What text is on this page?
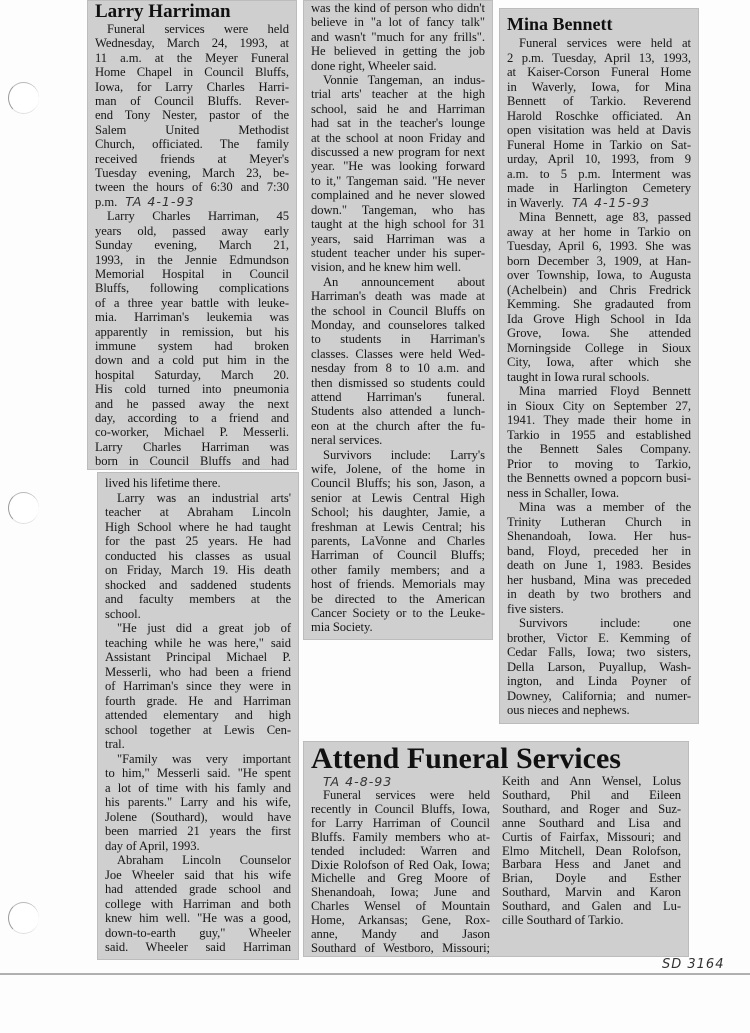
Larry Harriman
Funeral services were held
Wednesday, March 24, 1993, at
11 a.m. at the Meyer Funeral
Home Chapel in Council Bluffs,
Iowa, for Larry Charles Harri-
man of Council Bluffs. Rever-
end Tony Nester, pastor of the
Salem United Methodist
Church, officiated. The family
received friends at Meyer's
Tuesday evening, March 23, be-
tween the hours of 6:30 and 7:30
p.m. TA 4-1-93
Larry Charles Harriman, 45
years old, passed away early
Sunday evening, March 21,
1993, in the Jennie Edmundson
Memorial Hospital in Council
Bluffs, following complications
of a three year battle with leuke-
mia. Harriman's leukemia was
apparently in remission, but his
immune system had broken
down and a cold put him in the
hospital Saturday, March 20.
His cold turned into pneumonia
and he passed away the next
day, according to a friend and
co-worker, Michael P. Messerli.
Larry Charles Harriman was
born in Council Bluffs and had
lived his lifetime there.
Larry was an industrial arts'
teacher at Abraham Lincoln
High School where he had taught
for the past 25 years. He had
conducted his classes as usual
on Friday, March 19. His death
shocked and saddened students
and faculty members at the
school.
"He just did a great job of
teaching while he was here," said
Assistant Principal Michael P.
Messerli, who had been a friend
of Harriman's since they were in
fourth grade. He and Harriman
attended elementary and high
school together at Lewis Cen-
tral.
"Family was very important
to him," Messerli said. "He spent
a lot of time with his famly and
his parents." Larry and his wife,
Jolene (Southard), would have
been married 21 years the first
day of April, 1993.
Abraham Lincoln Counselor
Joe Wheeler said that his wife
had attended grade school and
college with Harriman and both
knew him well. "He was a good,
down-to-earth guy," Wheeler
said. Wheeler said Harriman
was the kind of person who didn't
believe in "a lot of fancy talk"
and wasn't "much for any frills".
He believed in getting the job
done right, Wheeler said.
Vonnie Tangeman, an indus-
trial arts' teacher at the high
school, said he and Harriman
had sat in the teacher's lounge
at the school at noon Friday and
discussed a new program for next
year. "He was looking forward
to it," Tangeman said. "He never
complained and he never slowed
down." Tangeman, who has
taught at the high school for 31
years, said Harriman was a
student teacher under his super-
vision, and he knew him well.
An announcement about
Harriman's death was made at
the school in Council Bluffs on
Monday, and counselores talked
to students in Harriman's
classes. Classes were held Wed-
nesday from 8 to 10 a.m. and
then dismissed so students could
attend Harriman's funeral.
Students also attended a lunch-
eon at the church after the fu-
neral services.
Survivors include: Larry's
wife, Jolene, of the home in
Council Bluffs; his son, Jason, a
senior at Lewis Central High
School; his daughter, Jamie, a
freshman at Lewis Central; his
parents, LaVonne and Charles
Harriman of Council Bluffs;
other family members; and a
host of friends. Memorials may
be directed to the American
Cancer Society or to the Leuke-
mia Society.
Mina Bennett
Funeral services were held at
2 p.m. Tuesday, April 13, 1993,
at Kaiser-Corson Funeral Home
in Waverly, Iowa, for Mina
Bennett of Tarkio. Reverend
Harold Roschke officiated. An
open visitation was held at Davis
Funeral Home in Tarkio on Sat-
urday, April 10, 1993, from 9
a.m. to 5 p.m. Interment was
made in Harlington Cemetery
in Waverly. TA 4-15-93
Mina Bennett, age 83, passed
away at her home in Tarkio on
Tuesday, April 6, 1993. She was
born December 3, 1909, at Han-
over Township, Iowa, to Augusta
(Achelbein) and Chris Fredrick
Kemming. She gradauted from
Ida Grove High School in Ida
Grove, Iowa. She attended
Morningside College in Sioux
City, Iowa, after which she
taught in Iowa rural schools.
Mina married Floyd Bennett
in Sioux City on September 27,
1941. They made their home in
Tarkio in 1955 and established
the Bennett Sales Company.
Prior to moving to Tarkio,
the Bennetts owned a popcorn busi-
ness in Schaller, Iowa.
Mina was a member of the
Trinity Lutheran Church in
Shenandoah, Iowa. Her hus-
band, Floyd, preceded her in
death on June 1, 1983. Besides
her husband, Mina was preceded
in death by two brothers and
five sisters.
Survivors include: one
brother, Victor E. Kemming of
Cedar Falls, Iowa; two sisters,
Della Larson, Puyallup, Wash-
ington, and Linda Poyner of
Downey, California; and numer-
ous nieces and nephews.
Attend Funeral Services
TA 4-8-93
Funeral services were held
recently in Council Bluffs, Iowa,
for Larry Harriman of Council
Bluffs. Family members who at-
tended included: Warren and
Dixie Rolofson of Red Oak, Iowa;
Michelle and Greg Moore of
Shenandoah, Iowa; June and
Charles Wensel of Mountain
Home, Arkansas; Gene, Rox-
anne, Mandy and Jason
Southard of Westboro, Missouri;
Keith and Ann Wensel, Lolus
Southard, Phil and Eileen
Southard, and Roger and Suz-
anne Southard and Lisa and
Curtis of Fairfax, Missouri; and
Elmo Mitchell, Dean Rolofson,
Barbara Hess and Janet and
Brian, Doyle and Esther
Southard, Marvin and Karon
Southard, and Galen and Lu-
cille Southard of Tarkio.
SD 3164
